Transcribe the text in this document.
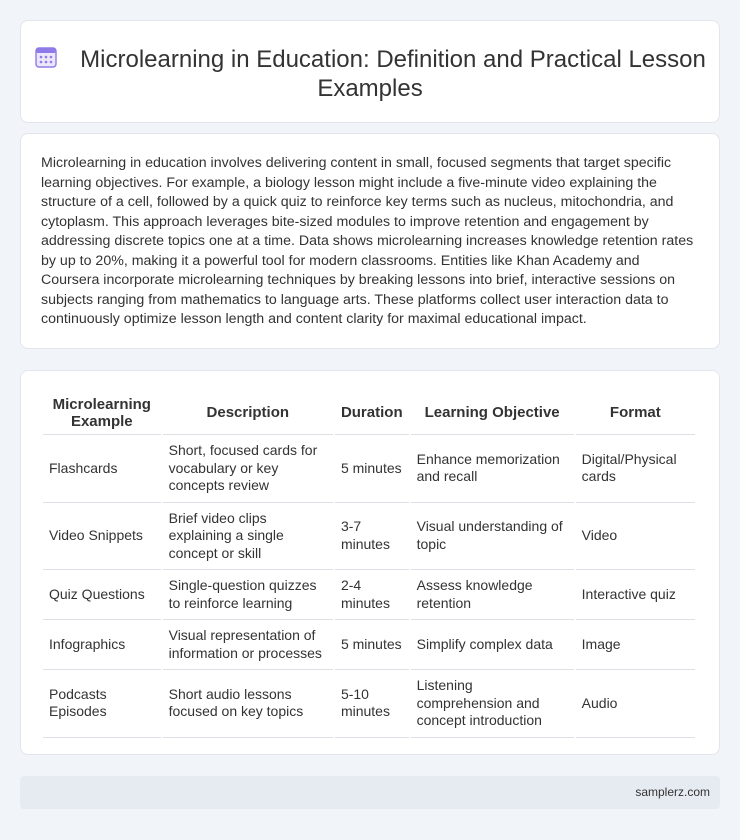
Microlearning in Education: Definition and Practical Lesson Examples

Microlearning in education involves delivering content in small, focused segments that target specific learning objectives. For example, a biology lesson might include a five-minute video explaining the structure of a cell, followed by a quick quiz to reinforce key terms such as nucleus, mitochondria, and cytoplasm. This approach leverages bite-sized modules to improve retention and engagement by addressing discrete topics one at a time. Data shows microlearning increases knowledge retention rates by up to 20%, making it a powerful tool for modern classrooms. Entities like Khan Academy and Coursera incorporate microlearning techniques by breaking lessons into brief, interactive sessions on subjects ranging from mathematics to language arts. These platforms collect user interaction data to continuously optimize lesson length and content clarity for maximal educational impact.

Microlearning Example	Description	Duration	Learning Objective	Format
Flashcards	Short, focused cards for vocabulary or key concepts review	5 minutes	Enhance memorization and recall	Digital/Physical cards
Video Snippets	Brief video clips explaining a single concept or skill	3-7 minutes	Visual understanding of topic	Video
Quiz Questions	Single-question quizzes to reinforce learning	2-4 minutes	Assess knowledge retention	Interactive quiz
Infographics	Visual representation of information or processes	5 minutes	Simplify complex data	Image
Podcasts Episodes	Short audio lessons focused on key topics	5-10 minutes	Listening comprehension and concept introduction	Audio
samplerz.com
